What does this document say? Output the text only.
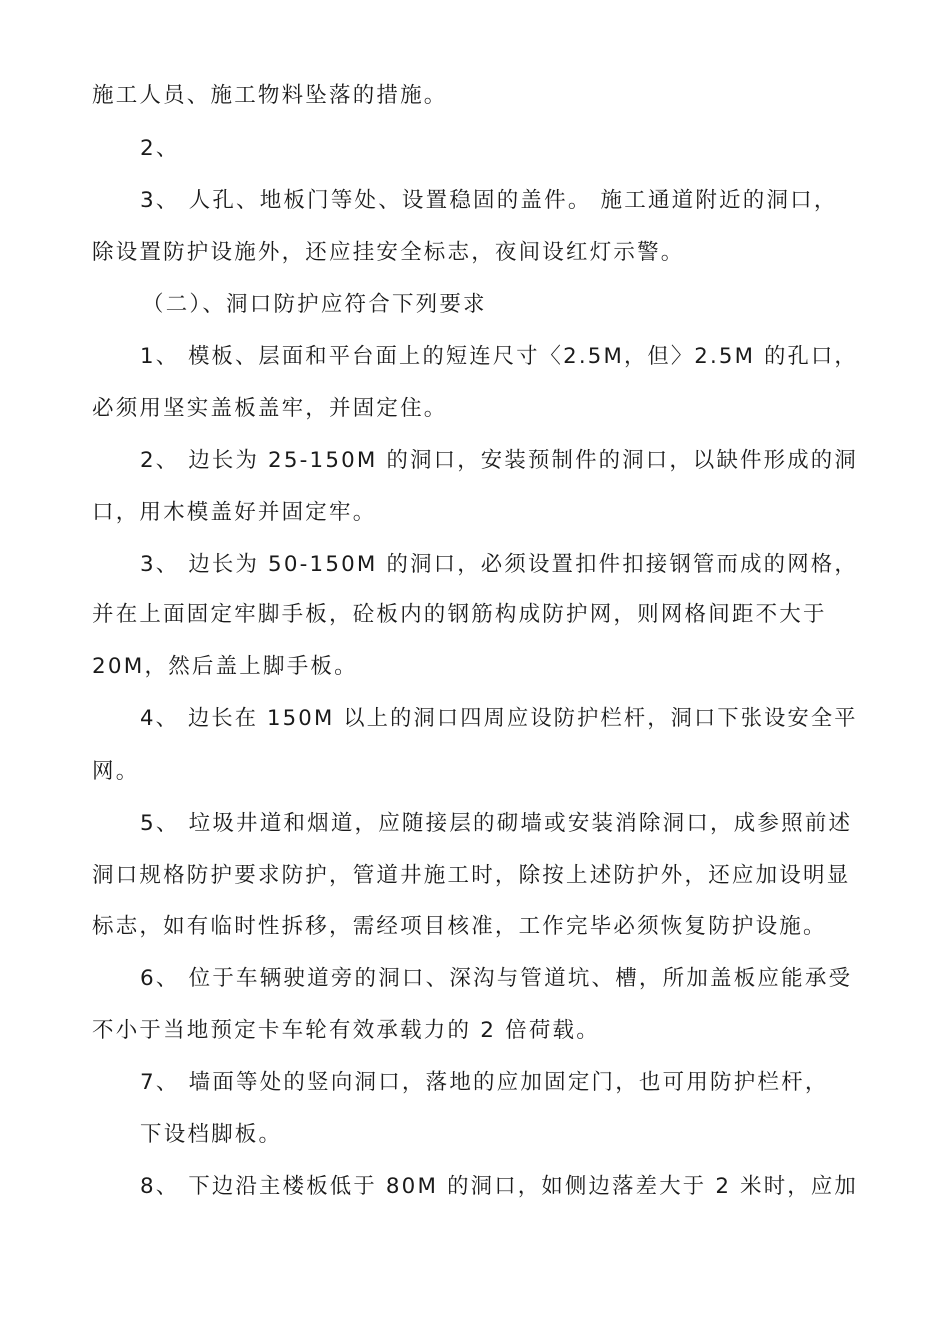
施工人员、施工物料坠落的措施。
2、
3、 人孔、地板门等处、设置稳固的盖件。 施工通道附近的洞口，
除设置防护设施外，还应挂安全标志，夜间设红灯示警。
（二）、洞口防护应符合下列要求
1、 模板、层面和平台面上的短连尺寸〈2.5M，但〉2.5M 的孔口，
必须用坚实盖板盖牢，并固定住。
2、 边长为 25-150M 的洞口，安装预制件的洞口，以缺件形成的洞
口，用木模盖好并固定牢。
3、 边长为 50-150M 的洞口，必须设置扣件扣接钢管而成的网格，
并在上面固定牢脚手板，砼板内的钢筋构成防护网，则网格间距不大于
20M，然后盖上脚手板。
4、 边长在 150M 以上的洞口四周应设防护栏杆，洞口下张设安全平
网。
5、 垃圾井道和烟道，应随接层的砌墙或安装消除洞口，成参照前述
洞口规格防护要求防护，管道井施工时，除按上述防护外，还应加设明显
标志，如有临时性拆移，需经项目核准，工作完毕必须恢复防护设施。
6、 位于车辆驶道旁的洞口、深沟与管道坑、槽，所加盖板应能承受
不小于当地预定卡车轮有效承载力的 2 倍荷载。
7、 墙面等处的竖向洞口，落地的应加固定门，也可用防护栏杆，
下设档脚板。
8、 下边沿主楼板低于 80M 的洞口，如侧边落差大于 2 米时，应加
